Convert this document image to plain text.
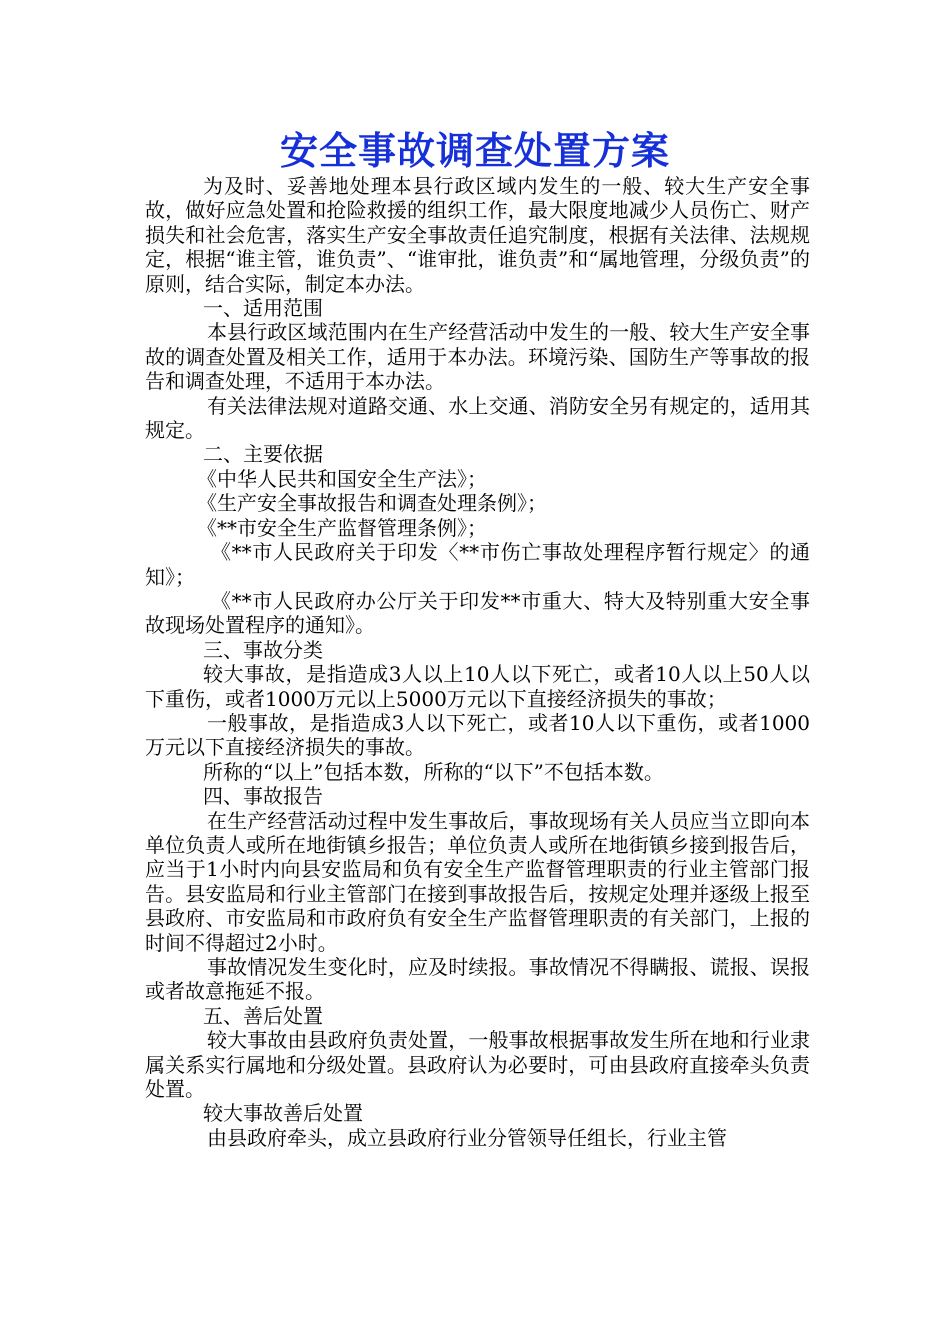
安全事故调查处置方案

为及时、妥善地处理本县行政区域内发生的一般、较大生产安全事故，做好应急处置和抢险救援的组织工作，最大限度地减少人员伤亡、财产损失和社会危害，落实生产安全事故责任追究制度，根据有关法律、法规规定，根据“谁主管，谁负责”、“谁审批，谁负责”和“属地管理，分级负责”的原则，结合实际，制定本办法。

一、适用范围

本县行政区域范围内在生产经营活动中发生的一般、较大生产安全事故的调查处置及相关工作，适用于本办法。环境污染、国防生产等事故的报告和调查处理，不适用于本办法。

有关法律法规对道路交通、水上交通、消防安全另有规定的，适用其规定。

二、主要依据

《中华人民共和国安全生产法》；

《生产安全事故报告和调查处理条例》；

《**市安全生产监督管理条例》；

《**市人民政府关于印发〈**市伤亡事故处理程序暂行规定〉的通知》；

《**市人民政府办公厅关于印发**市重大、特大及特别重大安全事故现场处置程序的通知》。

三、事故分类

较大事故，是指造成3人以上10人以下死亡，或者10人以上50人以下重伤，或者1000万元以上5000万元以下直接经济损失的事故；

一般事故，是指造成3人以下死亡，或者10人以下重伤，或者1000万元以下直接经济损失的事故。

所称的“以上”包括本数，所称的“以下”不包括本数。

四、事故报告

在生产经营活动过程中发生事故后，事故现场有关人员应当立即向本单位负责人或所在地街镇乡报告；单位负责人或所在地街镇乡接到报告后，应当于1小时内向县安监局和负有安全生产监督管理职责的行业主管部门报告。县安监局和行业主管部门在接到事故报告后，按规定处理并逐级上报至县政府、市安监局和市政府负有安全生产监督管理职责的有关部门，上报的时间不得超过2小时。

事故情况发生变化时，应及时续报。事故情况不得瞒报、谎报、误报或者故意拖延不报。

五、善后处置

较大事故由县政府负责处置，一般事故根据事故发生所在地和行业隶属关系实行属地和分级处置。县政府认为必要时，可由县政府直接牵头负责处置。

较大事故善后处置

由县政府牵头，成立县政府行业分管领导任组长，行业主管
